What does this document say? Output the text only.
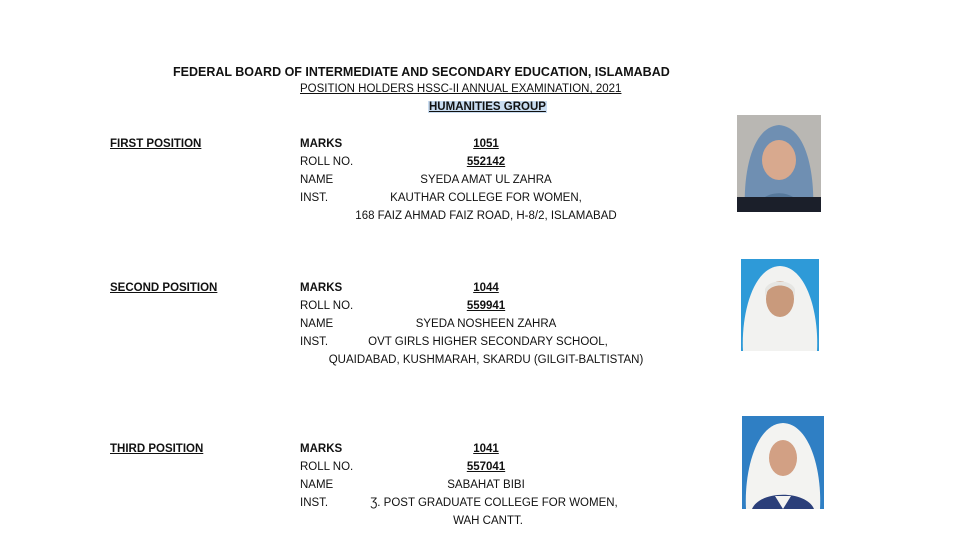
FEDERAL BOARD OF INTERMEDIATE AND SECONDARY EDUCATION, ISLAMABAD
POSITION HOLDERS HSSC-II ANNUAL EXAMINATION, 2021
HUMANITIES GROUP
FIRST POSITION	MARKS	1051
ROLL NO.	552142
NAME	SYEDA AMAT UL ZAHRA
INST.	KAUTHAR COLLEGE FOR WOMEN,
168 FAIZ AHMAD FAIZ ROAD, H-8/2, ISLAMABAD
SECOND POSITION	MARKS	1044
ROLL NO.	559941
NAME	SYEDA NOSHEEN ZAHRA
INST.	OVT GIRLS HIGHER SECONDARY SCHOOL,
QUAIDABAD, KUSHMARAH, SKARDU (GILGIT-BALTISTAN)
THIRD POSITION	MARKS	1041
ROLL NO.	557041
NAME	SABAHAT BIBI
INST.	Ʒ. POST GRADUATE COLLEGE FOR WOMEN,
WAH CANTT.
